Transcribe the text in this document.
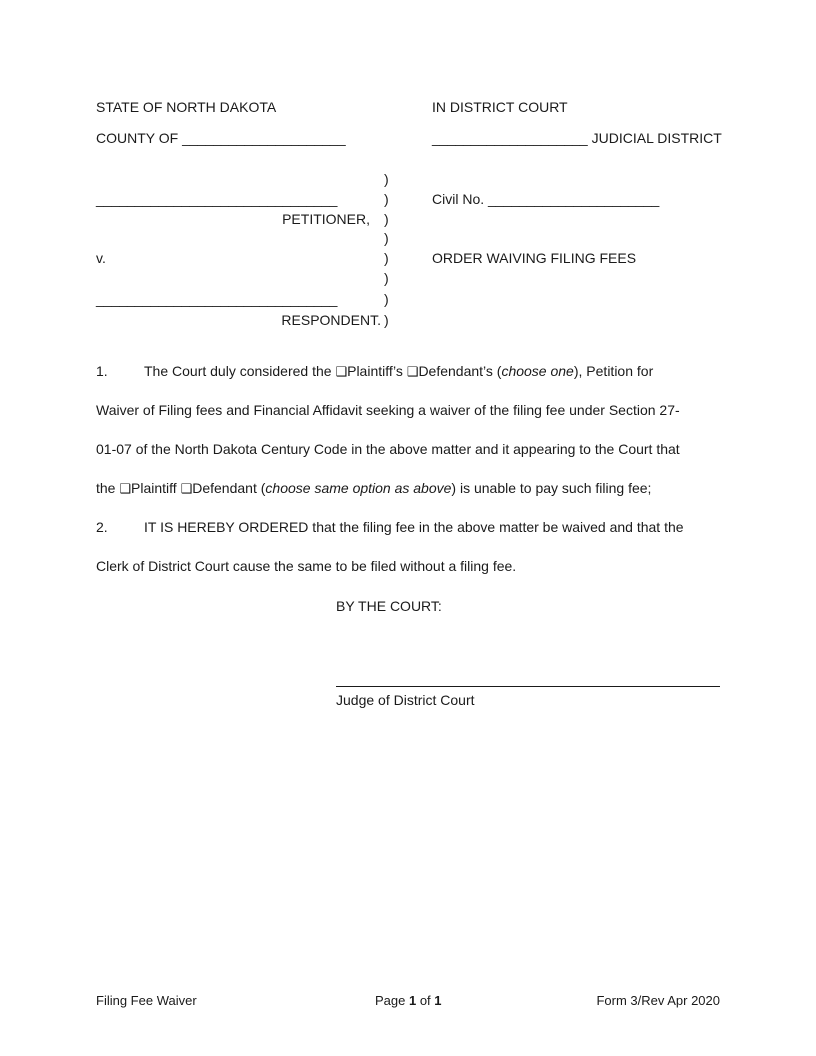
STATE OF NORTH DAKOTA	IN DISTRICT COURT
COUNTY OF _____________________	____________________ JUDICIAL DISTRICT
)
)
)
)
)
)
)
)
_______________________________
PETITIONER,
v.
_______________________________
RESPONDENT.
Civil No. ______________________
ORDER WAIVING FILING FEES
1.	The Court duly considered the ❑Plaintiff’s ❑Defendant’s (choose one), Petition for
Waiver of Filing fees and Financial Affidavit seeking a waiver of the filing fee under Section 27-
01-07 of the North Dakota Century Code in the above matter and it appearing to the Court that
the ❑Plaintiff ❑Defendant (choose same option as above) is unable to pay such filing fee;
2.	IT IS HEREBY ORDERED that the filing fee in the above matter be waived and that the
Clerk of District Court cause the same to be filed without a filing fee.
BY THE COURT:
Judge of District Court
Filing Fee Waiver	Page 1 of 1	Form 3/Rev Apr 2020
